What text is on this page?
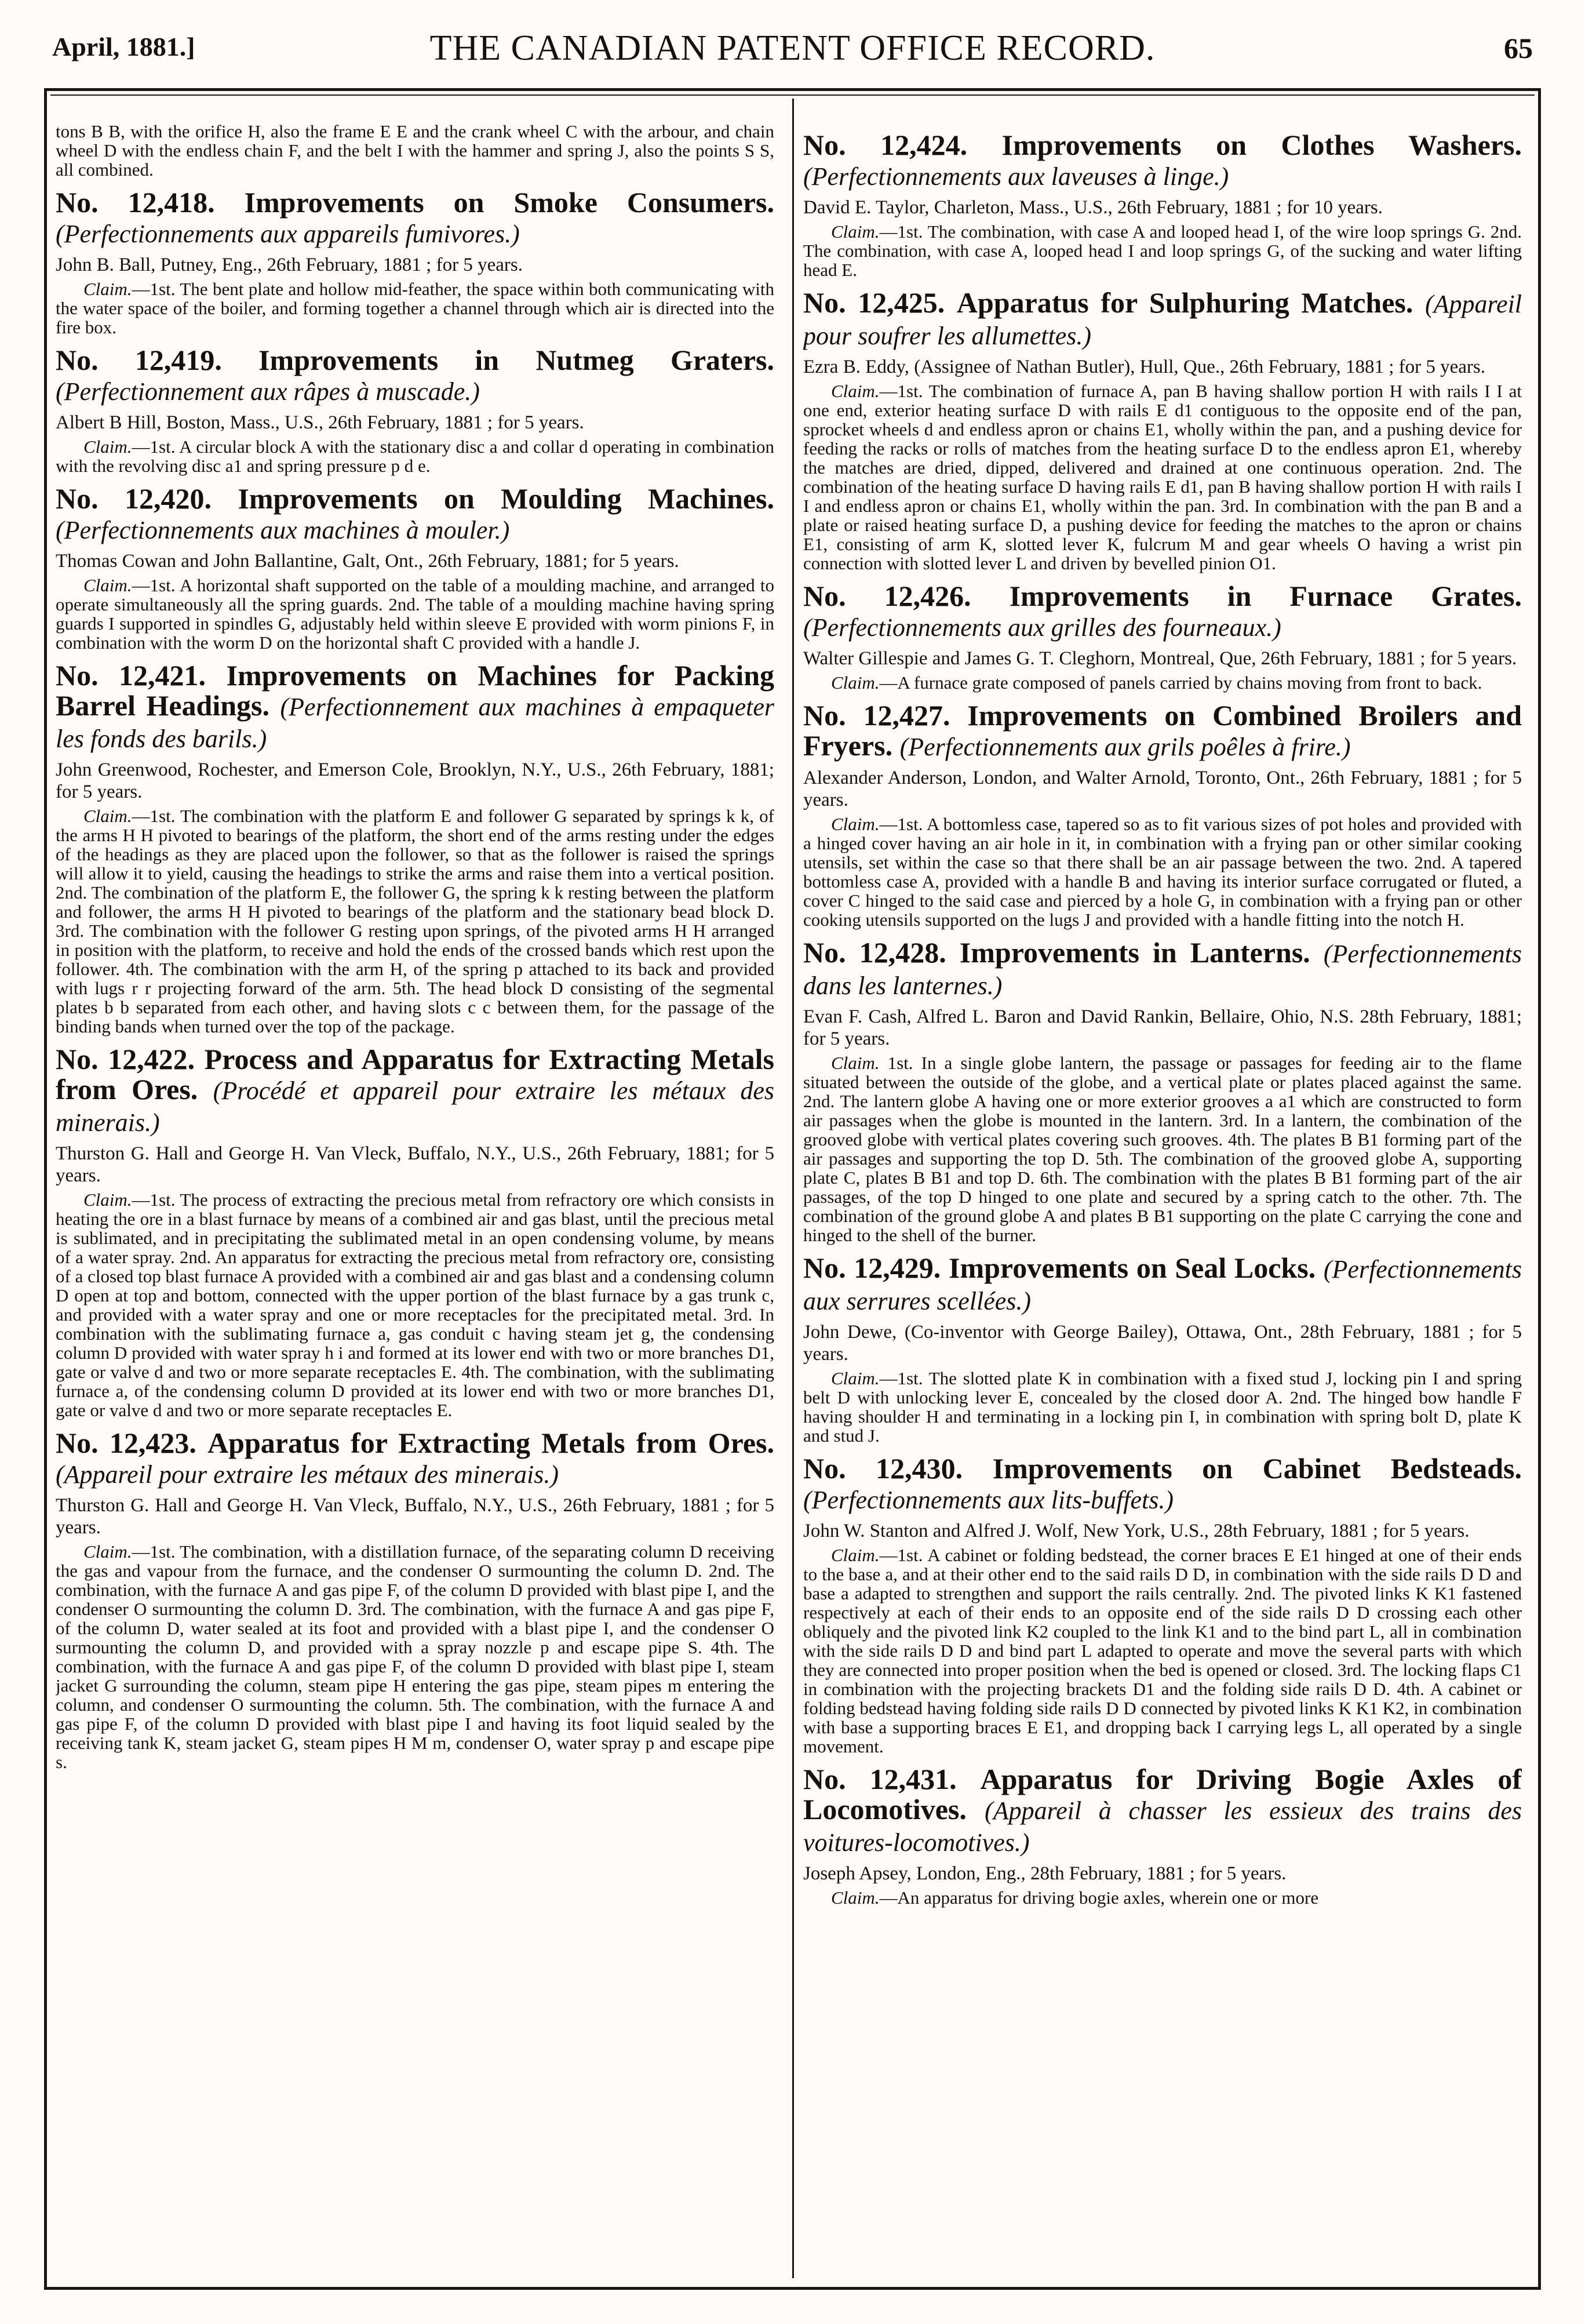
April, 1881.]	THE CANADIAN PATENT OFFICE RECORD.	65

tons B B, with the orifice H, also the frame E E and the crank wheel C with the arbour, and chain wheel D with the endless chain F, and the belt I with the hammer and spring J, also the points S S, all combined.

No. 12,418. Improvements on Smoke Consumers. (Perfectionnements aux appareils fumivores.)
John B. Ball, Putney, Eng., 26th February, 1881 ; for 5 years.

Claim.—1st. The bent plate and hollow mid-feather, the space within both communicating with the water space of the boiler, and forming together a channel through which air is directed into the fire box.

No. 12,419. Improvements in Nutmeg Graters. (Perfectionnement aux râpes à muscade.)
Albert B Hill, Boston, Mass., U.S., 26th February, 1881 ; for 5 years.

Claim.—1st. A circular block A with the stationary disc a and collar d operating in combination with the revolving disc a1 and spring pressure p d e.

No. 12,420. Improvements on Moulding Machines. (Perfectionnements aux machines à mouler.)
Thomas Cowan and John Ballantine, Galt, Ont., 26th February, 1881; for 5 years.

Claim.—1st. A horizontal shaft supported on the table of a moulding machine, and arranged to operate simultaneously all the spring guards. 2nd. The table of a moulding machine having spring guards I supported in spindles G, adjustably held within sleeve E provided with worm pinions F, in combination with the worm D on the horizontal shaft C provided with a handle J.

No. 12,421. Improvements on Machines for Packing Barrel Headings. (Perfectionnement aux machines à empaqueter les fonds des barils.)
John Greenwood, Rochester, and Emerson Cole, Brooklyn, N.Y., U.S., 26th February, 1881; for 5 years.

Claim.—1st. The combination with the platform E and follower G separated by springs k k, of the arms H H pivoted to bearings of the platform, the short end of the arms resting under the edges of the headings as they are placed upon the follower, so that as the follower is raised the springs will allow it to yield, causing the headings to strike the arms and raise them into a vertical position. 2nd. The combination of the platform E, the follower G, the spring k k resting between the platform and follower, the arms H H pivoted to bearings of the platform and the stationary bead block D. 3rd. The combination with the follower G resting upon springs, of the pivoted arms H H arranged in position with the platform, to receive and hold the ends of the crossed bands which rest upon the follower. 4th. The combination with the arm H, of the spring p attached to its back and provided with lugs r r projecting forward of the arm. 5th. The head block D consisting of the segmental plates b b separated from each other, and having slots c c between them, for the passage of the binding bands when turned over the top of the package.

No. 12,422. Process and Apparatus for Extracting Metals from Ores. (Procédé et appareil pour extraire les métaux des minerais.)
Thurston G. Hall and George H. Van Vleck, Buffalo, N.Y., U.S., 26th February, 1881; for 5 years.

Claim.—1st. The process of extracting the precious metal from refractory ore which consists in heating the ore in a blast furnace by means of a combined air and gas blast, until the precious metal is sublimated, and in precipitating the sublimated metal in an open condensing volume, by means of a water spray. 2nd. An apparatus for extracting the precious metal from refractory ore, consisting of a closed top blast furnace A provided with a combined air and gas blast and a condensing column D open at top and bottom, connected with the upper portion of the blast furnace by a gas trunk c, and provided with a water spray and one or more receptacles for the precipitated metal. 3rd. In combination with the sublimating furnace a, gas conduit c having steam jet g, the condensing column D provided with water spray h i and formed at its lower end with two or more branches D1, gate or valve d and two or more separate receptacles E. 4th. The combination, with the sublimating furnace a, of the condensing column D provided at its lower end with two or more branches D1, gate or valve d and two or more separate receptacles E.

No. 12,423. Apparatus for Extracting Metals from Ores. (Appareil pour extraire les métaux des minerais.)
Thurston G. Hall and George H. Van Vleck, Buffalo, N.Y., U.S., 26th February, 1881 ; for 5 years.

Claim.—1st. The combination, with a distillation furnace, of the separating column D receiving the gas and vapour from the furnace, and the condenser O surmounting the column D. 2nd. The combination, with the furnace A and gas pipe F, of the column D provided with blast pipe I, and the condenser O surmounting the column D. 3rd. The combination, with the furnace A and gas pipe F, of the column D, water sealed at its foot and provided with a blast pipe I, and the condenser O surmounting the column D, and provided with a spray nozzle p and escape pipe S. 4th. The combination, with the furnace A and gas pipe F, of the column D provided with blast pipe I, steam jacket G surrounding the column, steam pipe H entering the gas pipe, steam pipes m entering the column, and condenser O surmounting the column. 5th. The combination, with the furnace A and gas pipe F, of the column D provided with blast pipe I and having its foot liquid sealed by the receiving tank K, steam jacket G, steam pipes H M m, condenser O, water spray p and escape pipe s.

No. 12,424. Improvements on Clothes Washers. (Perfectionnements aux laveuses à linge.)
David E. Taylor, Charleton, Mass., U.S., 26th February, 1881 ; for 10 years.

Claim.—1st. The combination, with case A and looped head I, of the wire loop springs G. 2nd. The combination, with case A, looped head I and loop springs G, of the sucking and water lifting head E.

No. 12,425. Apparatus for Sulphuring Matches. (Appareil pour soufrer les allumettes.)
Ezra B. Eddy, (Assignee of Nathan Butler), Hull, Que., 26th February, 1881 ; for 5 years.

Claim.—1st. The combination of furnace A, pan B having shallow portion H with rails I I at one end, exterior heating surface D with rails E d1 contiguous to the opposite end of the pan, sprocket wheels d and endless apron or chains E1, wholly within the pan, and a pushing device for feeding the racks or rolls of matches from the heating surface D to the endless apron E1, whereby the matches are dried, dipped, delivered and drained at one continuous operation. 2nd. The combination of the heating surface D having rails E d1, pan B having shallow portion H with rails I I and endless apron or chains E1, wholly within the pan. 3rd. In combination with the pan B and a plate or raised heating surface D, a pushing device for feeding the matches to the apron or chains E1, consisting of arm K, slotted lever K, fulcrum M and gear wheels O having a wrist pin connection with slotted lever L and driven by bevelled pinion O1.

No. 12,426. Improvements in Furnace Grates. (Perfectionnements aux grilles des fourneaux.)
Walter Gillespie and James G. T. Cleghorn, Montreal, Que, 26th February, 1881 ; for 5 years.

Claim.—A furnace grate composed of panels carried by chains moving from front to back.

No. 12,427. Improvements on Combined Broilers and Fryers. (Perfectionnements aux grils poêles à frire.)
Alexander Anderson, London, and Walter Arnold, Toronto, Ont., 26th February, 1881 ; for 5 years.

Claim.—1st. A bottomless case, tapered so as to fit various sizes of pot holes and provided with a hinged cover having an air hole in it, in combination with a frying pan or other similar cooking utensils, set within the case so that there shall be an air passage between the two. 2nd. A tapered bottomless case A, provided with a handle B and having its interior surface corrugated or fluted, a cover C hinged to the said case and pierced by a hole G, in combination with a frying pan or other cooking utensils supported on the lugs J and provided with a handle fitting into the notch H.

No. 12,428. Improvements in Lanterns. (Perfectionnements dans les lanternes.)
Evan F. Cash, Alfred L. Baron and David Rankin, Bellaire, Ohio, N.S. 28th February, 1881; for 5 years.

Claim. 1st. In a single globe lantern, the passage or passages for feeding air to the flame situated between the outside of the globe, and a vertical plate or plates placed against the same. 2nd. The lantern globe A having one or more exterior grooves a a1 which are constructed to form air passages when the globe is mounted in the lantern. 3rd. In a lantern, the combination of the grooved globe with vertical plates covering such grooves. 4th. The plates B B1 forming part of the air passages and supporting the top D. 5th. The combination of the grooved globe A, supporting plate C, plates B B1 and top D. 6th. The combination with the plates B B1 forming part of the air passages, of the top D hinged to one plate and secured by a spring catch to the other. 7th. The combination of the ground globe A and plates B B1 supporting on the plate C carrying the cone and hinged to the shell of the burner.

No. 12,429. Improvements on Seal Locks. (Perfectionnements aux serrures scellées.)
John Dewe, (Co-inventor with George Bailey), Ottawa, Ont., 28th February, 1881 ; for 5 years.

Claim.—1st. The slotted plate K in combination with a fixed stud J, locking pin I and spring belt D with unlocking lever E, concealed by the closed door A. 2nd. The hinged bow handle F having shoulder H and terminating in a locking pin I, in combination with spring bolt D, plate K and stud J.

No. 12,430. Improvements on Cabinet Bedsteads. (Perfectionnements aux lits-buffets.)
John W. Stanton and Alfred J. Wolf, New York, U.S., 28th February, 1881 ; for 5 years.

Claim.—1st. A cabinet or folding bedstead, the corner braces E E1 hinged at one of their ends to the base a, and at their other end to the said rails D D, in combination with the side rails D D and base a adapted to strengthen and support the rails centrally. 2nd. The pivoted links K K1 fastened respectively at each of their ends to an opposite end of the side rails D D crossing each other obliquely and the pivoted link K2 coupled to the link K1 and to the bind part L, all in combination with the side rails D D and bind part L adapted to operate and move the several parts with which they are connected into proper position when the bed is opened or closed. 3rd. The locking flaps C1 in combination with the projecting brackets D1 and the folding side rails D D. 4th. A cabinet or folding bedstead having folding side rails D D connected by pivoted links K K1 K2, in combination with base a supporting braces E E1, and dropping back I carrying legs L, all operated by a single movement.

No. 12,431. Apparatus for Driving Bogie Axles of Locomotives. (Appareil à chasser les essieux des trains des voitures-locomotives.)
Joseph Apsey, London, Eng., 28th February, 1881 ; for 5 years.

Claim.—An apparatus for driving bogie axles, wherein one or more
